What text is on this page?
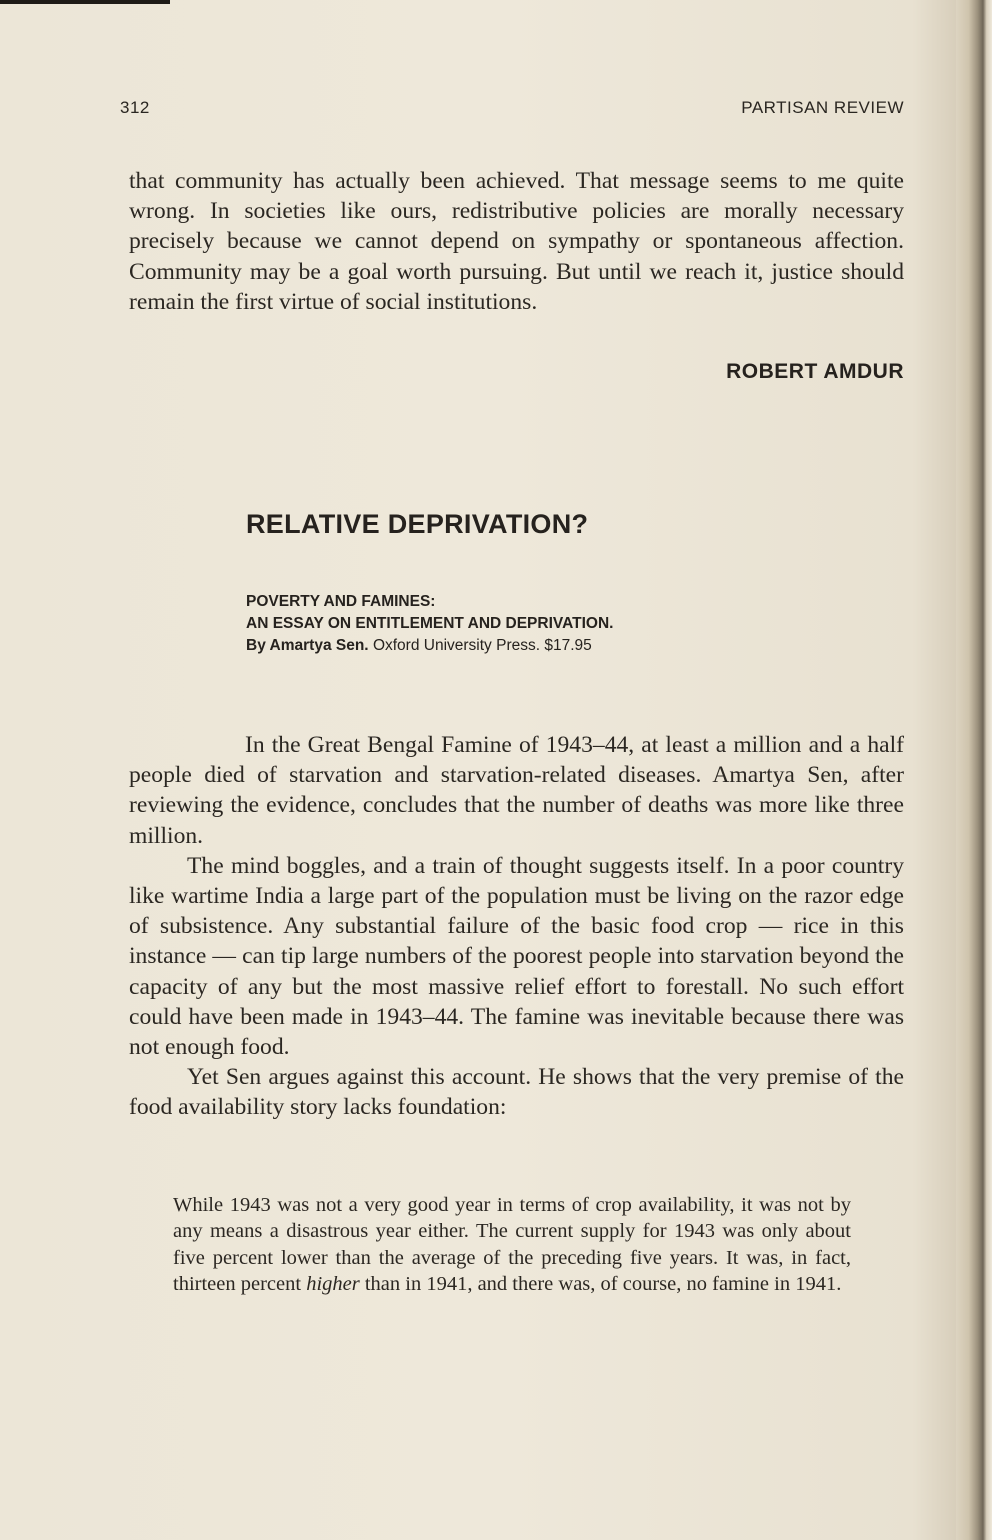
312	PARTISAN REVIEW

that community has actually been achieved. That message seems to me quite wrong. In societies like ours, redistributive policies are morally necessary precisely because we cannot depend on sympathy or spontaneous affection. Community may be a goal worth pursuing. But until we reach it, justice should remain the first virtue of social institutions.

ROBERT AMDUR
RELATIVE DEPRIVATION?
POVERTY AND FAMINES:
AN ESSAY ON ENTITLEMENT AND DEPRIVATION.
By Amartya Sen. Oxford University Press. $17.95

In the Great Bengal Famine of 1943–44, at least a million and a half people died of starvation and starvation-related diseases. Amartya Sen, after reviewing the evidence, concludes that the number of deaths was more like three million.

The mind boggles, and a train of thought suggests itself. In a poor country like wartime India a large part of the population must be living on the razor edge of subsistence. Any substantial failure of the basic food crop — rice in this instance — can tip large numbers of the poorest people into starvation beyond the capacity of any but the most massive relief effort to forestall. No such effort could have been made in 1943–44. The famine was inevitable because there was not enough food.

Yet Sen argues against this account. He shows that the very premise of the food availability story lacks foundation:

While 1943 was not a very good year in terms of crop availability, it was not by any means a disastrous year either. The current supply for 1943 was only about five percent lower than the average of the preceding five years. It was, in fact, thirteen percent higher than in 1941, and there was, of course, no famine in 1941.
